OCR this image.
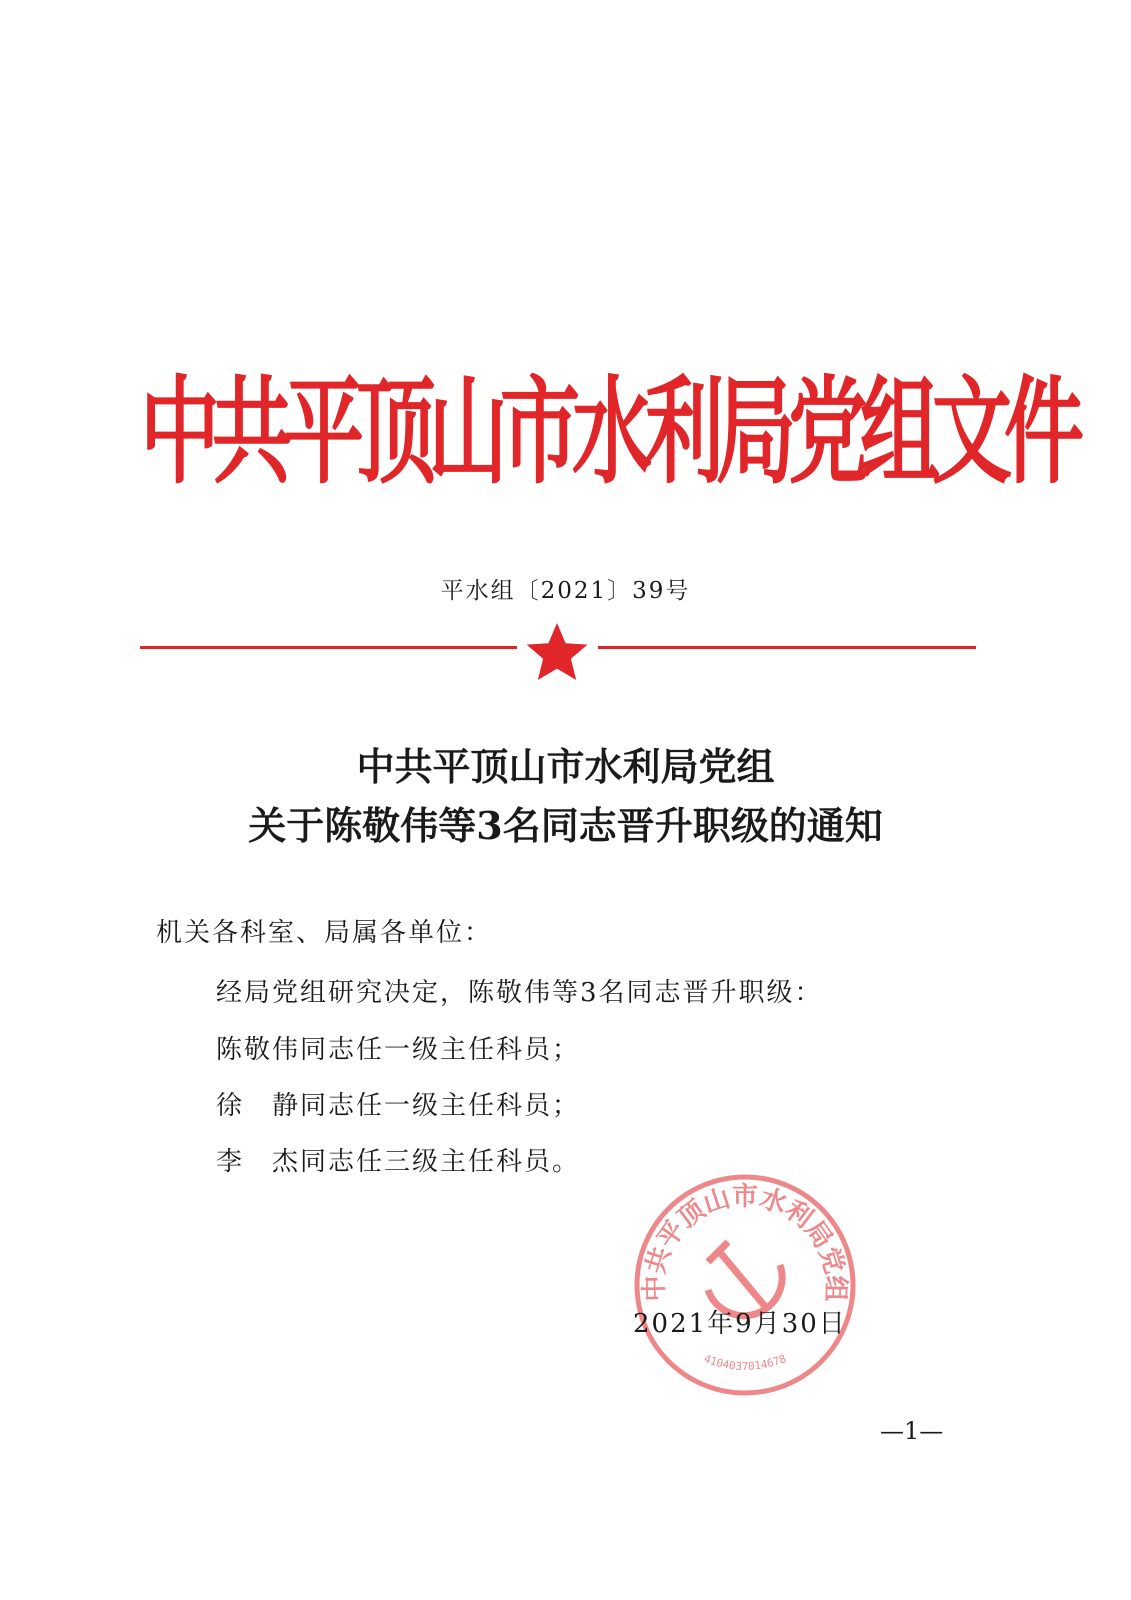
中共平顶山市水利局党组文件
平水组〔2021〕39号
中共平顶山市水利局党组
关于陈敬伟等3名同志晋升职级的通知
机关各科室、局属各单位：
经局党组研究决定，陈敬伟等3名同志晋升职级：
陈敬伟同志任一级主任科员；
徐　静同志任一级主任科员；
李　杰同志任三级主任科员。
中共平顶山市水利局党组
4104037014678
2021年9月30日
—1—
